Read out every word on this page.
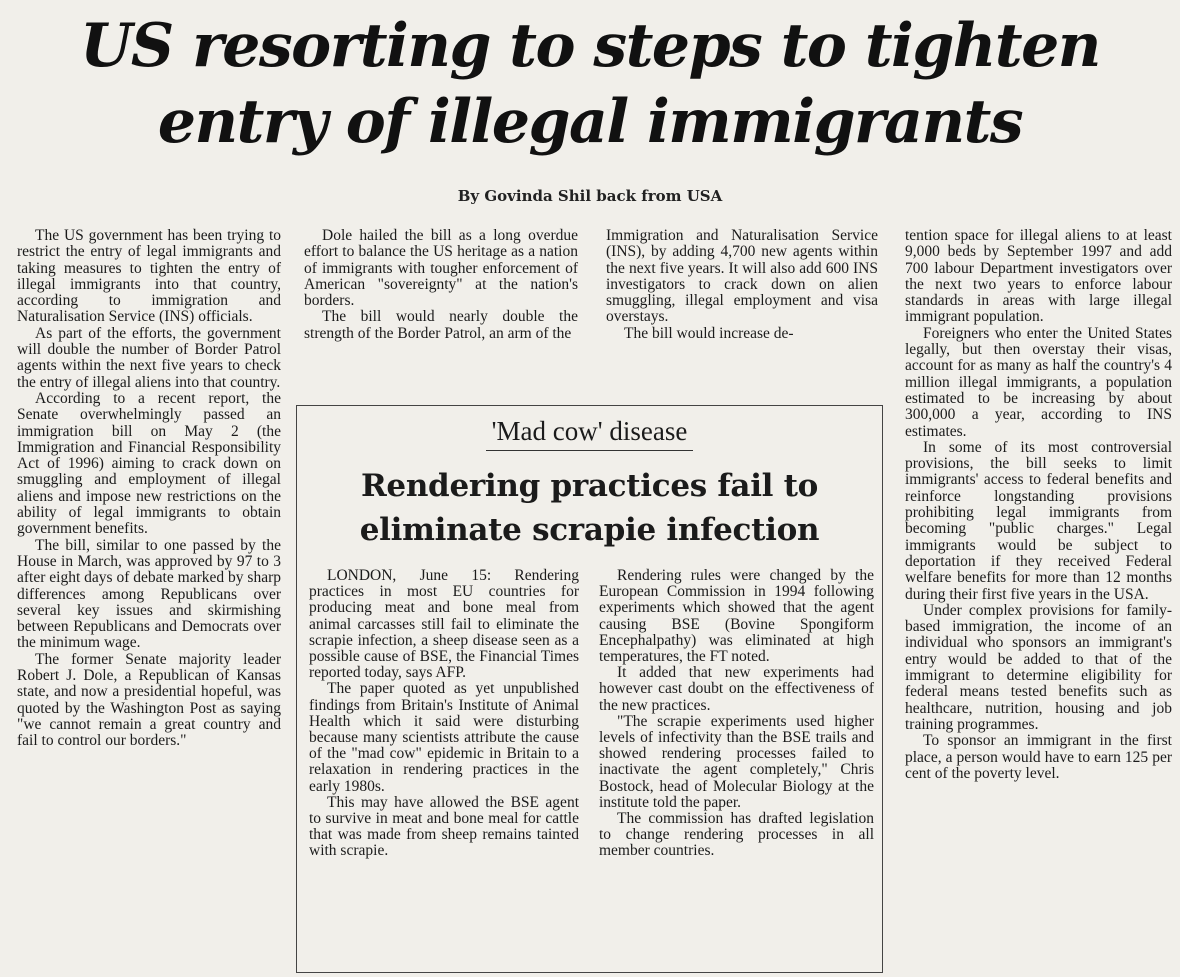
US resorting to steps to tighten entry of illegal immigrants
By Govinda Shil back from USA

The US government has been trying to restrict the entry of legal immigrants and taking measures to tighten the entry of illegal immigrants into that country, according to immigration and Naturalisation Service (INS) officials.

As part of the efforts, the government will double the number of Border Patrol agents within the next five years to check the entry of illegal aliens into that country.

According to a recent report, the Senate overwhelmingly passed an immigration bill on May 2 (the Immigration and Financial Responsibility Act of 1996) aiming to crack down on smuggling and employment of illegal aliens and impose new restrictions on the ability of legal immigrants to obtain government benefits.

The bill, similar to one passed by the House in March, was approved by 97 to 3 after eight days of debate marked by sharp differences among Republicans over several key issues and skirmishing between Republicans and Democrats over the minimum wage.

The former Senate majority leader Robert J. Dole, a Republican of Kansas state, and now a presidential hopeful, was quoted by the Washington Post as saying "we cannot remain a great country and fail to control our borders."

Dole hailed the bill as a long overdue effort to balance the US heritage as a nation of immigrants with tougher enforcement of American "sovereignty" at the nation's borders.

The bill would nearly double the strength of the Border Patrol, an arm of the

Immigration and Naturalisation Service (INS), by adding 4,700 new agents within the next five years. It will also add 600 INS investigators to crack down on alien smuggling, illegal employment and visa overstays.

The bill would increase de-

tention space for illegal aliens to at least 9,000 beds by September 1997 and add 700 labour Department investigators over the next two years to enforce labour standards in areas with large illegal immigrant population.

Foreigners who enter the United States legally, but then overstay their visas, account for as many as half the country's 4 million illegal immigrants, a population estimated to be increasing by about 300,000 a year, according to INS estimates.

In some of its most controversial provisions, the bill seeks to limit immigrants' access to federal benefits and reinforce longstanding provisions prohibiting legal immigrants from becoming "public charges." Legal immigrants would be subject to deportation if they received Federal welfare benefits for more than 12 months during their first five years in the USA.

Under complex provisions for family-based immigration, the income of an individual who sponsors an immigrant's entry would be added to that of the immigrant to determine eligibility for federal means tested benefits such as healthcare, nutrition, housing and job training programmes.

To sponsor an immigrant in the first place, a person would have to earn 125 per cent of the poverty level.

'Mad cow' disease
Rendering practices fail to eliminate scrapie infection

LONDON, June 15: Rendering practices in most EU countries for producing meat and bone meal from animal carcasses still fail to eliminate the scrapie infection, a sheep disease seen as a possible cause of BSE, the Financial Times reported today, says AFP.

The paper quoted as yet unpublished findings from Britain's Institute of Animal Health which it said were disturbing because many scientists attribute the cause of the "mad cow" epidemic in Britain to a relaxation in rendering practices in the early 1980s.

This may have allowed the BSE agent to survive in meat and bone meal for cattle that was made from sheep remains tainted with scrapie.

Rendering rules were changed by the European Commission in 1994 following experiments which showed that the agent causing BSE (Bovine Spongiform Encephalpathy) was eliminated at high temperatures, the FT noted.

It added that new experiments had however cast doubt on the effectiveness of the new practices.

"The scrapie experiments used higher levels of infectivity than the BSE trails and showed rendering processes failed to inactivate the agent completely," Chris Bostock, head of Molecular Biology at the institute told the paper.

The commission has drafted legislation to change rendering processes in all member countries.
